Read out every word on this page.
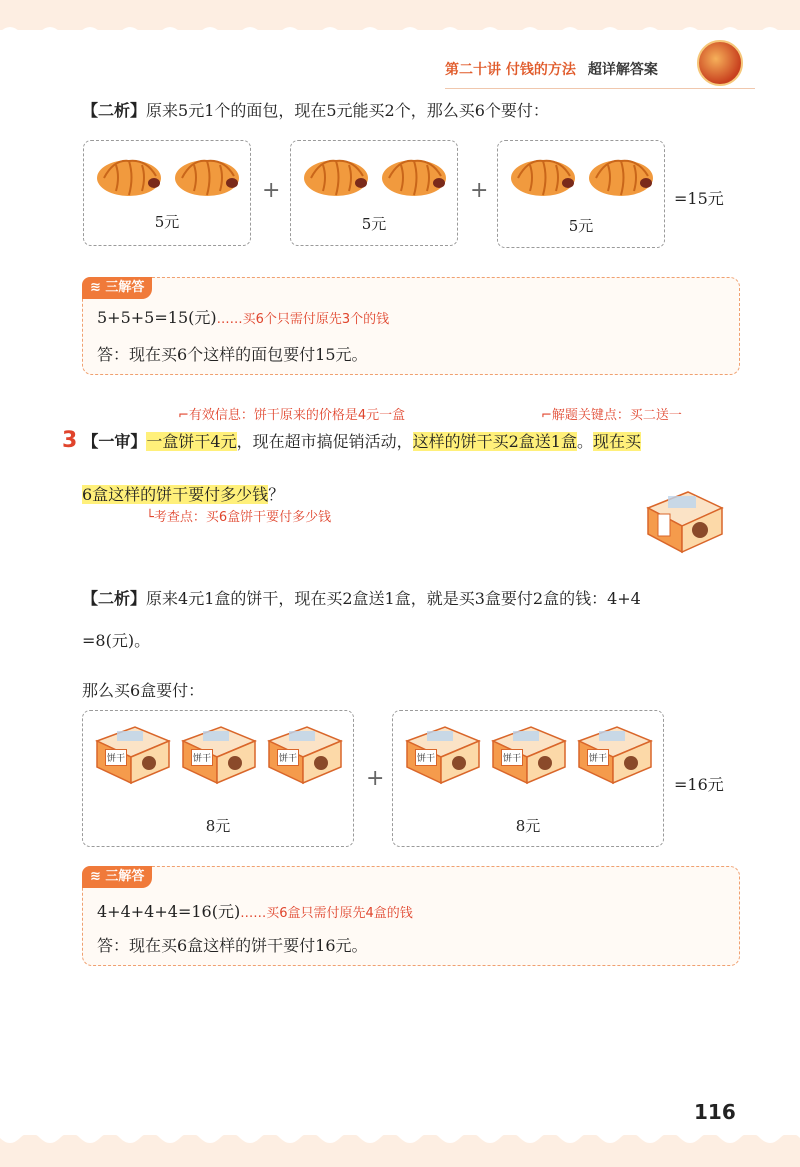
第二十讲 付钱的方法 超详解答案
【二析】原来5元1个的面包，现在5元能买2个，那么买6个要付：
5元
+
5元
+
5元
=15元
≋ 三解答
5+5+5=15(元)……买6个只需付原先3个的钱
答：现在买6个这样的面包要付15元。
⌐有效信息：饼干原来的价格是4元一盒	⌐解题关键点：买二送一
3 【一审】一盒饼干4元，现在超市搞促销活动，这样的饼干买2盒送1盒。现在买
6盒这样的饼干要付多少钱？
└考查点：买6盒饼干要付多少钱
【二析】原来4元1盒的饼干，现在买2盒送1盒，就是买3盒要付2盒的钱：4+4
=8(元)。
那么买6盒要付：
饼干	饼干	饼干
8元
+
饼干	饼干	饼干
8元
=16元
≋ 三解答
4+4+4+4=16(元)……买6盒只需付原先4盒的钱
答：现在买6盒这样的饼干要付16元。
116
